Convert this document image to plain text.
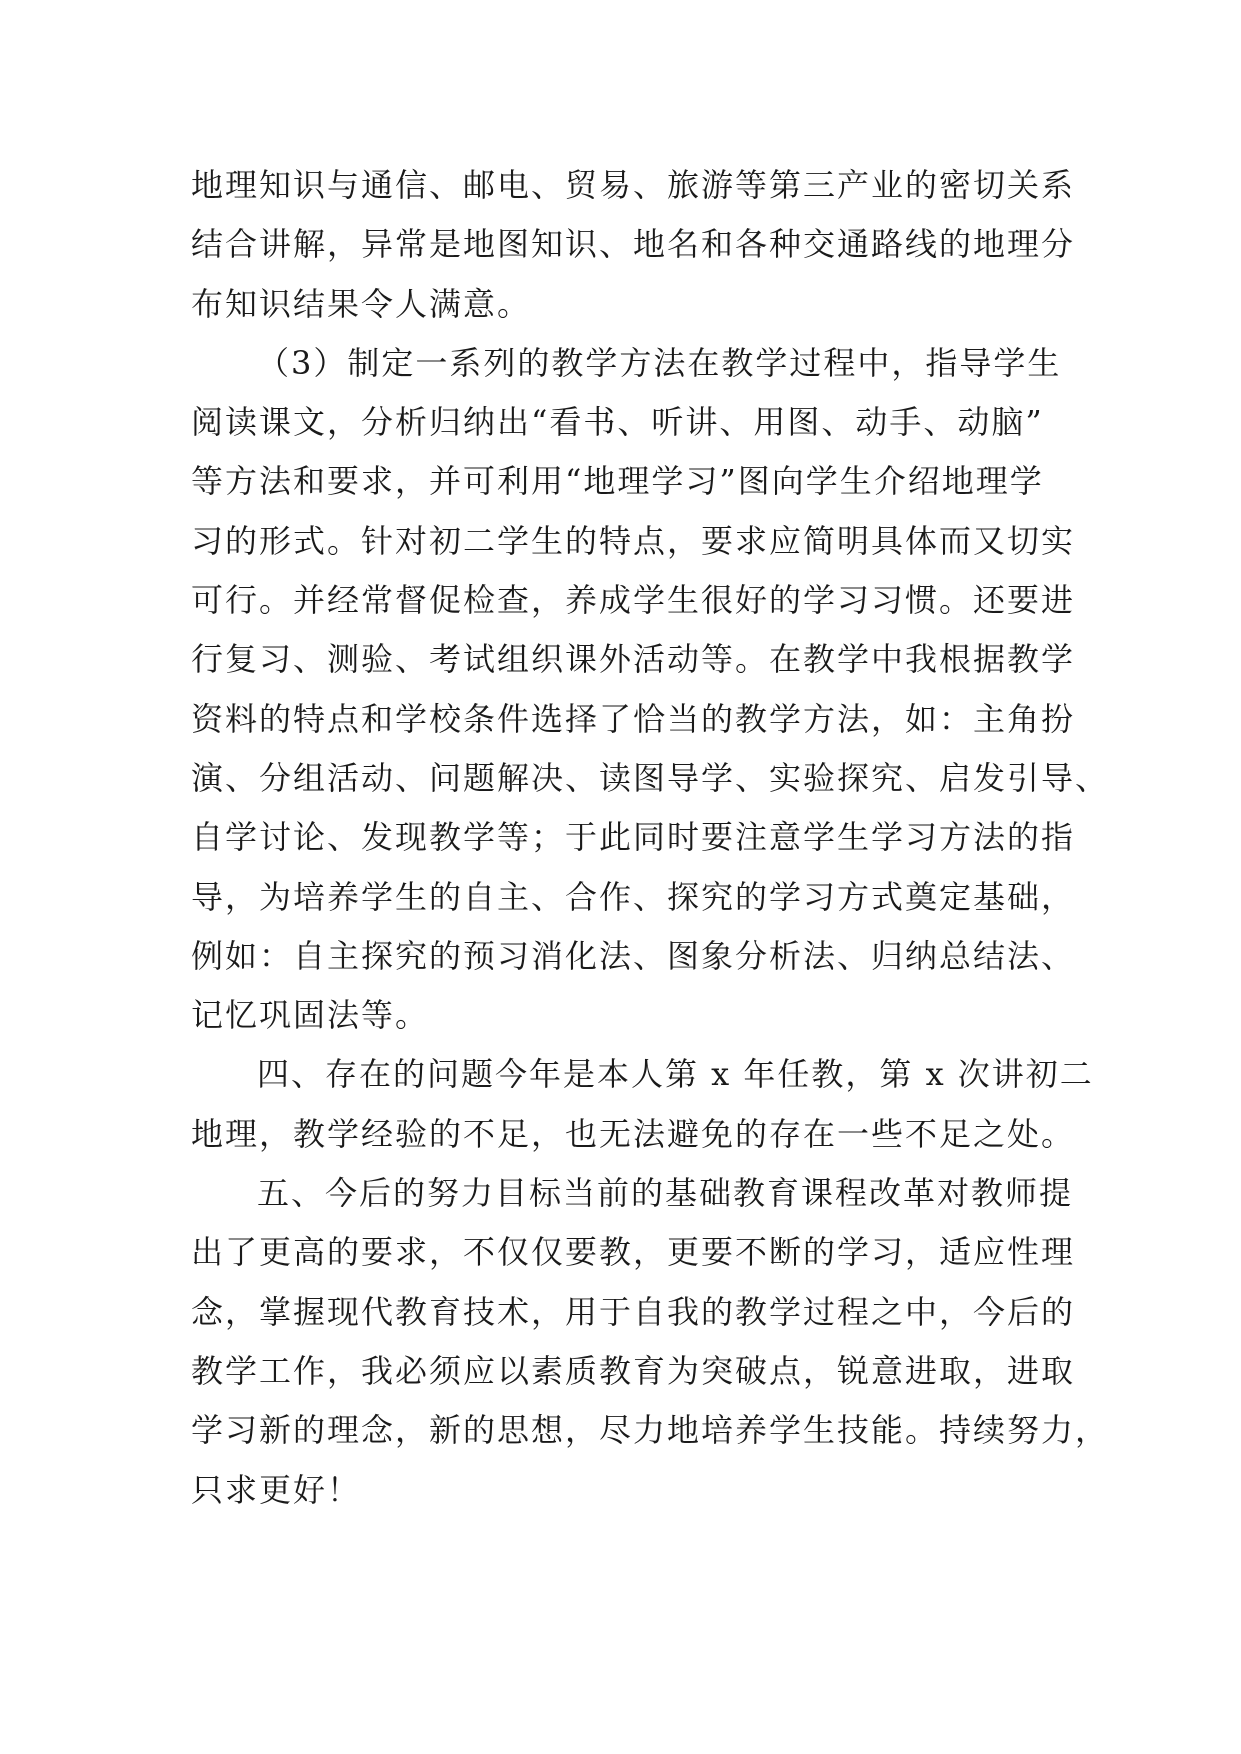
地理知识与通信、邮电、贸易、旅游等第三产业的密切关系
结合讲解，异常是地图知识、地名和各种交通路线的地理分
布知识结果令人满意。
（3）制定一系列的教学方法在教学过程中，指导学生
阅读课文，分析归纳出“看书、听讲、用图、动手、动脑”
等方法和要求，并可利用“地理学习”图向学生介绍地理学
习的形式。针对初二学生的特点，要求应简明具体而又切实
可行。并经常督促检查，养成学生很好的学习习惯。还要进
行复习、测验、考试组织课外活动等。在教学中我根据教学
资料的特点和学校条件选择了恰当的教学方法，如：主角扮
演、分组活动、问题解决、读图导学、实验探究、启发引导、
自学讨论、发现教学等；于此同时要注意学生学习方法的指
导，为培养学生的自主、合作、探究的学习方式奠定基础，
例如：自主探究的预习消化法、图象分析法、归纳总结法、
记忆巩固法等。
四、存在的问题今年是本人第 x 年任教，第 x 次讲初二
地理，教学经验的不足，也无法避免的存在一些不足之处。
五、今后的努力目标当前的基础教育课程改革对教师提
出了更高的要求，不仅仅要教，更要不断的学习，适应性理
念，掌握现代教育技术，用于自我的教学过程之中，今后的
教学工作，我必须应以素质教育为突破点，锐意进取，进取
学习新的理念，新的思想，尽力地培养学生技能。持续努力，
只求更好！
